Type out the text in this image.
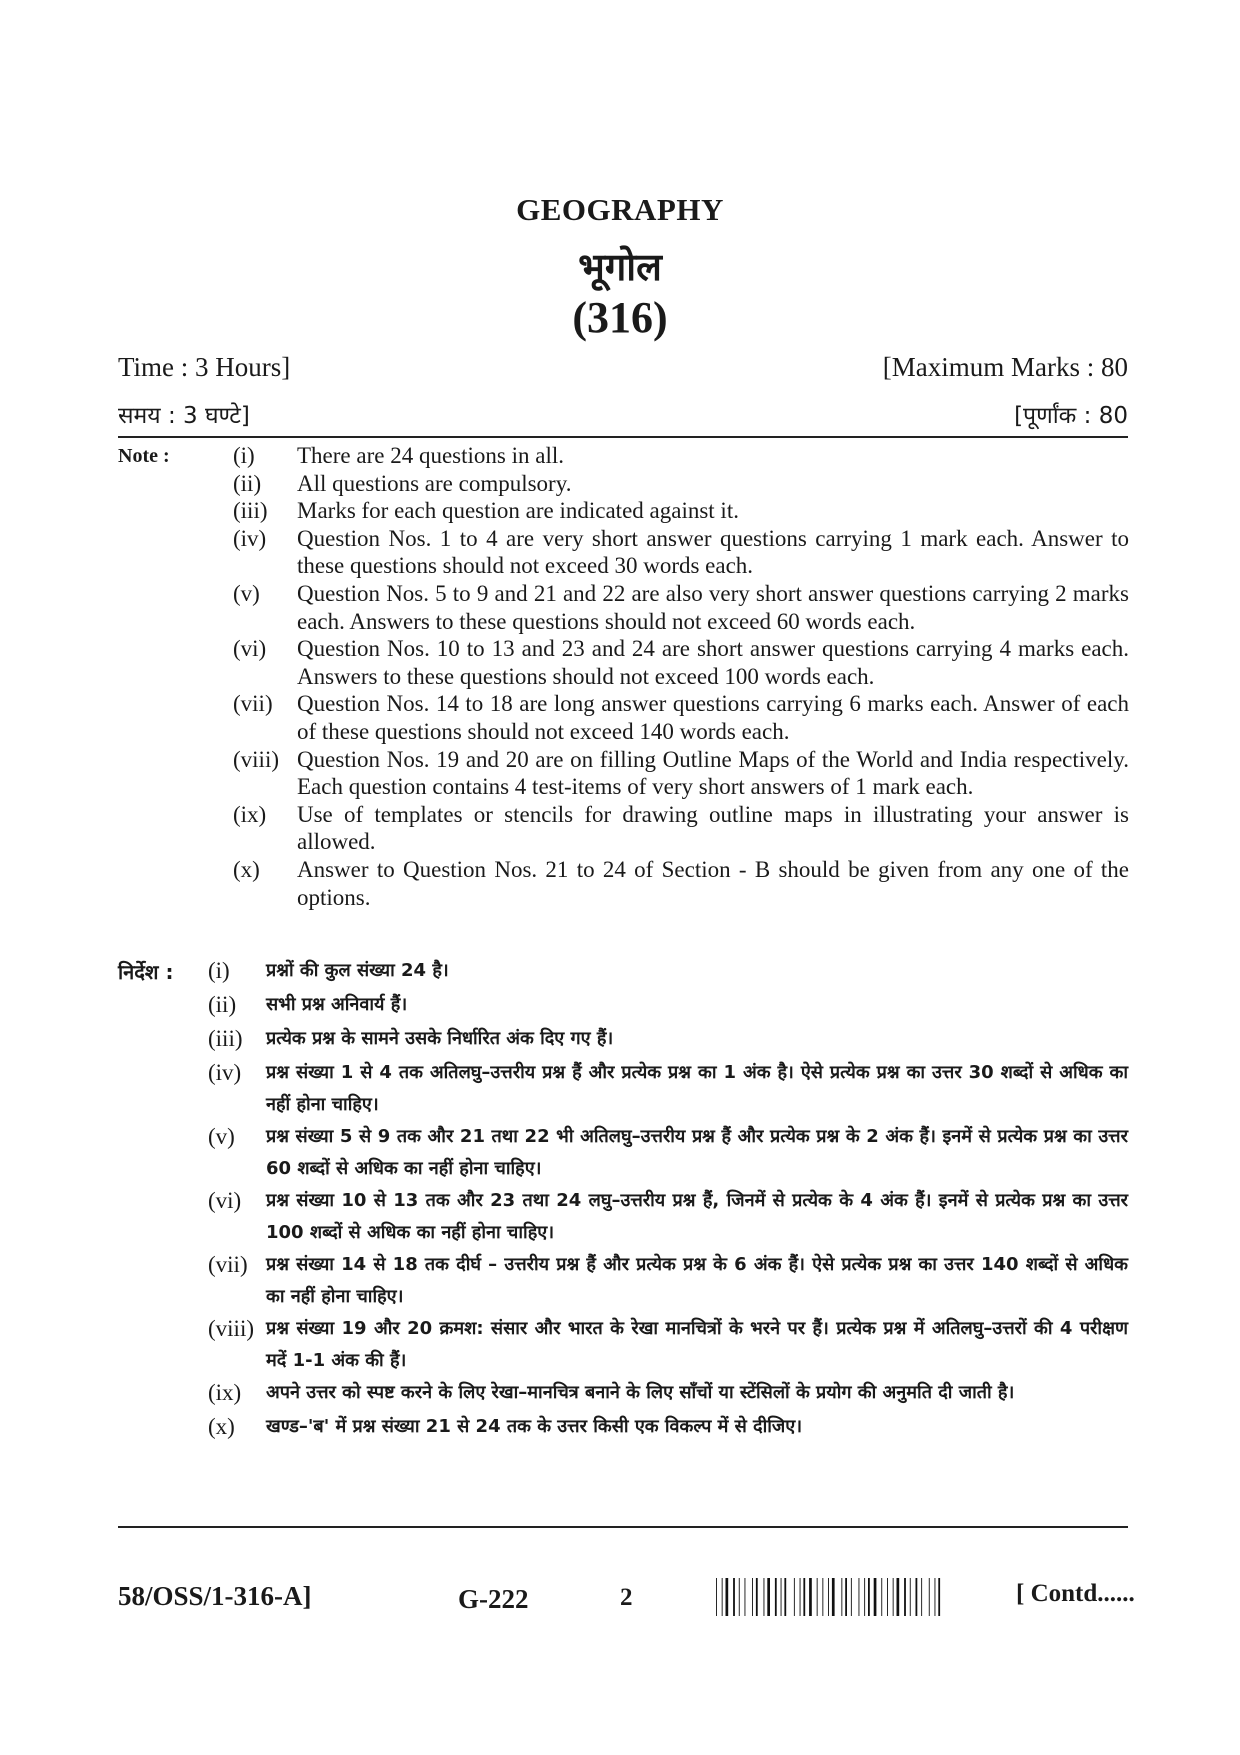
GEOGRAPHY
भूगोल
(316)
Time : 3 Hours]	[Maximum Marks : 80
समय : 3 घण्टे]	[पूर्णांक : 80
Note :	(i) There are 24 questions in all.
(ii) All questions are compulsory.
(iii) Marks for each question are indicated against it.
(iv) Question Nos. 1 to 4 are very short answer questions carrying 1 mark each. Answer to these questions should not exceed 30 words each.
(v) Question Nos. 5 to 9 and 21 and 22 are also very short answer questions carrying 2 marks each. Answers to these questions should not exceed 60 words each.
(vi) Question Nos. 10 to 13 and 23 and 24 are short answer questions carrying 4 marks each. Answers to these questions should not exceed 100 words each.
(vii) Question Nos. 14 to 18 are long answer questions carrying 6 marks each. Answer of each of these questions should not exceed 140 words each.
(viii) Question Nos. 19 and 20 are on filling Outline Maps of the World and India respectively. Each question contains 4 test-items of very short answers of 1 mark each.
(ix) Use of templates or stencils for drawing outline maps in illustrating your answer is allowed.
(x) Answer to Question Nos. 21 to 24 of Section - B should be given from any one of the options.
निर्देश : (i) प्रश्नों की कुल संख्या 24 है।
(ii) सभी प्रश्न अनिवार्य हैं।
(iii) प्रत्येक प्रश्न के सामने उसके निर्धारित अंक दिए गए हैं।
(iv) प्रश्न संख्या 1 से 4 तक अतिलघु–उत्तरीय प्रश्न हैं और प्रत्येक प्रश्न का 1 अंक है। ऐसे प्रत्येक प्रश्न का उत्तर 30 शब्दों से अधिक का नहीं होना चाहिए।
(v) प्रश्न संख्या 5 से 9 तक और 21 तथा 22 भी अतिलघु–उत्तरीय प्रश्न हैं और प्रत्येक प्रश्न के 2 अंक हैं। इनमें से प्रत्येक प्रश्न का उत्तर 60 शब्दों से अधिक का नहीं होना चाहिए।
(vi) प्रश्न संख्या 10 से 13 तक और 23 तथा 24 लघु–उत्तरीय प्रश्न हैं, जिनमें से प्रत्येक के 4 अंक हैं। इनमें से प्रत्येक प्रश्न का उत्तर 100 शब्दों से अधिक का नहीं होना चाहिए।
(vii) प्रश्न संख्या 14 से 18 तक दीर्घ – उत्तरीय प्रश्न हैं और प्रत्येक प्रश्न के 6 अंक हैं। ऐसे प्रत्येक प्रश्न का उत्तर 140 शब्दों से अधिक का नहीं होना चाहिए।
(viii) प्रश्न संख्या 19 और 20 क्रमश: संसार और भारत के रेखा मानचित्रों के भरने पर हैं। प्रत्येक प्रश्न में अतिलघु–उत्तरों की 4 परीक्षण मदें 1-1 अंक की हैं।
(ix) अपने उत्तर को स्पष्ट करने के लिए रेखा–मानचित्र बनाने के लिए साँचों या स्टेंसिलों के प्रयोग की अनुमति दी जाती है।
(x) खण्ड–'ब' में प्रश्न संख्या 21 से 24 तक के उत्तर किसी एक विकल्प में से दीजिए।
58/OSS/1-316-A]	G-222	2	[ Contd......
